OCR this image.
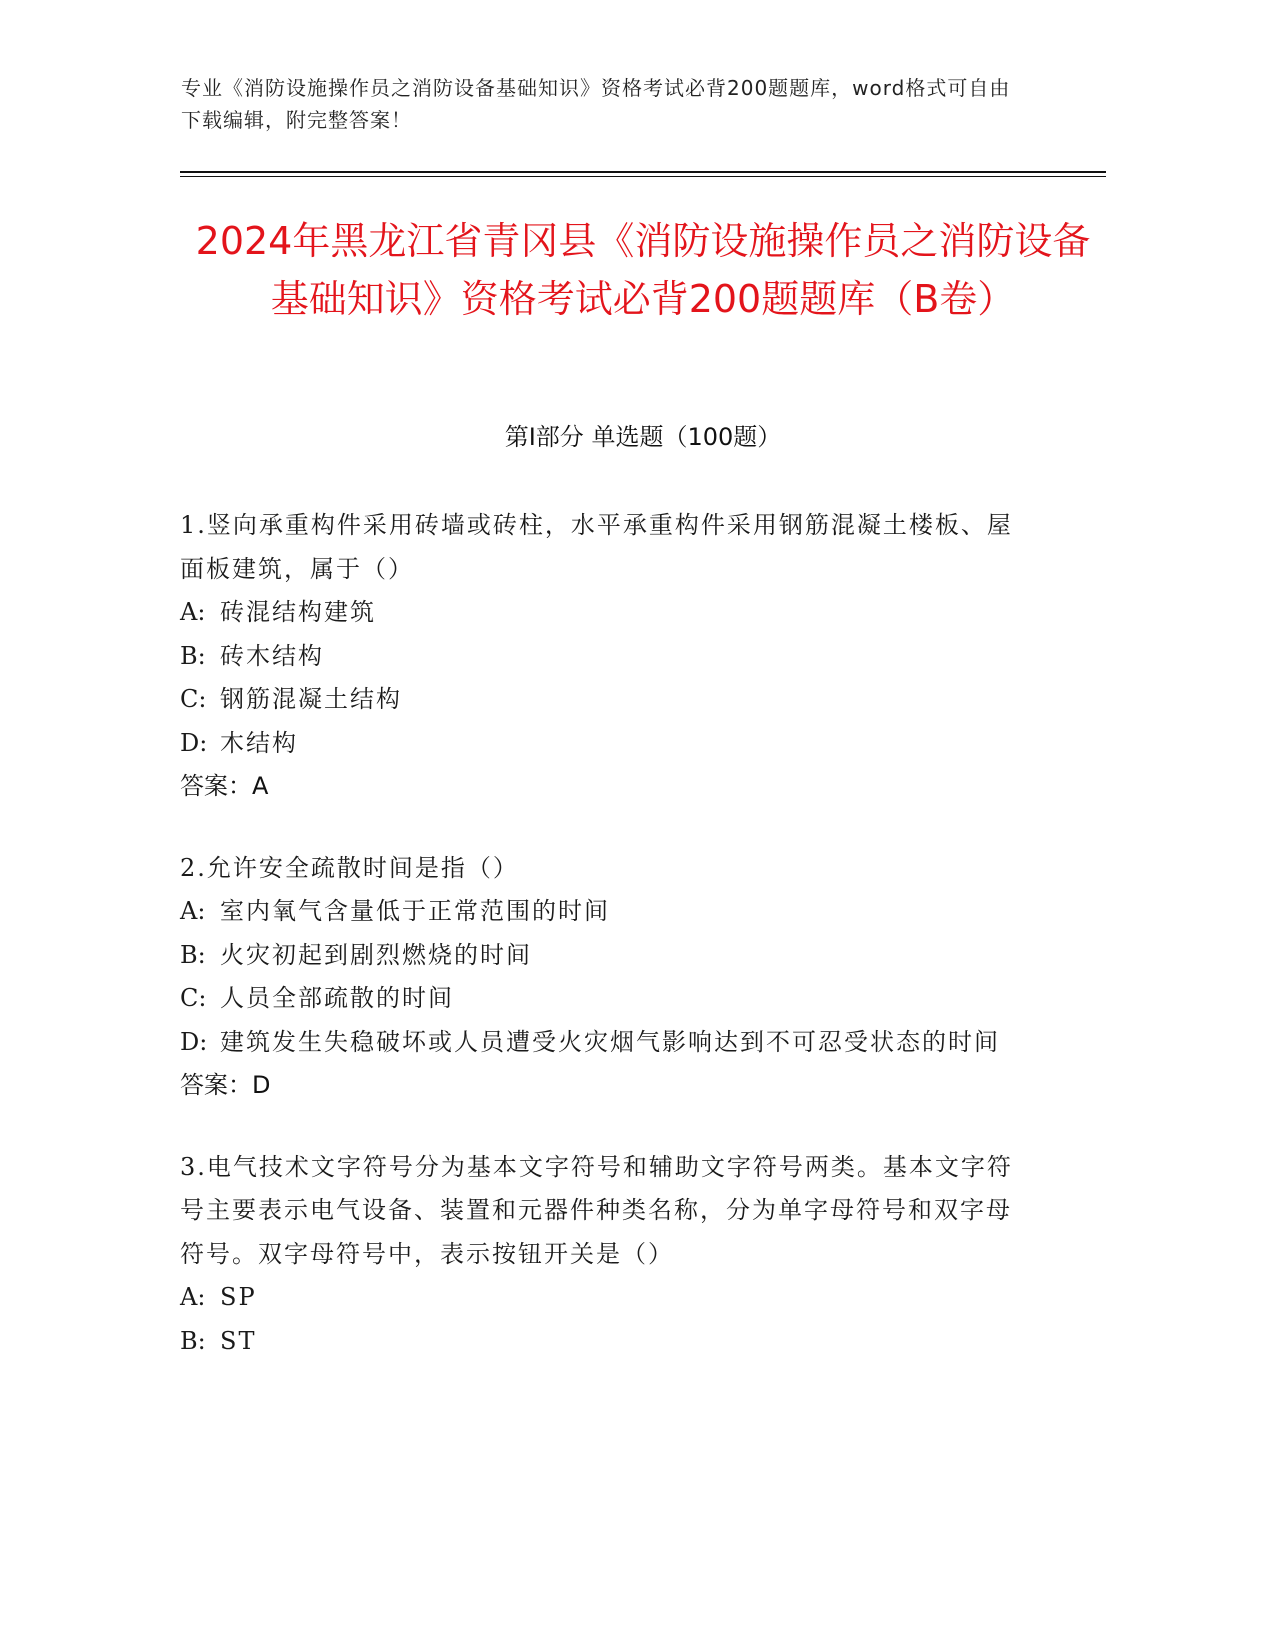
专业《消防设施操作员之消防设备基础知识》资格考试必背200题题库，word格式可自由下载编辑，附完整答案！
2024年黑龙江省青冈县《消防设施操作员之消防设备基础知识》资格考试必背200题题库（B卷）
第I部分 单选题（100题）

1.竖向承重构件采用砖墙或砖柱，水平承重构件采用钢筋混凝土楼板、屋面板建筑，属于（）

A: 砖混结构建筑

B: 砖木结构

C: 钢筋混凝土结构

D: 木结构

答案：A

2.允许安全疏散时间是指（）

A: 室内氧气含量低于正常范围的时间

B: 火灾初起到剧烈燃烧的时间

C: 人员全部疏散的时间

D: 建筑发生失稳破坏或人员遭受火灾烟气影响达到不可忍受状态的时间

答案：D

3.电气技术文字符号分为基本文字符号和辅助文字符号两类。基本文字符号主要表示电气设备、装置和元器件种类名称，分为单字母符号和双字母符号。双字母符号中，表示按钮开关是（）

A: SP

B: ST
